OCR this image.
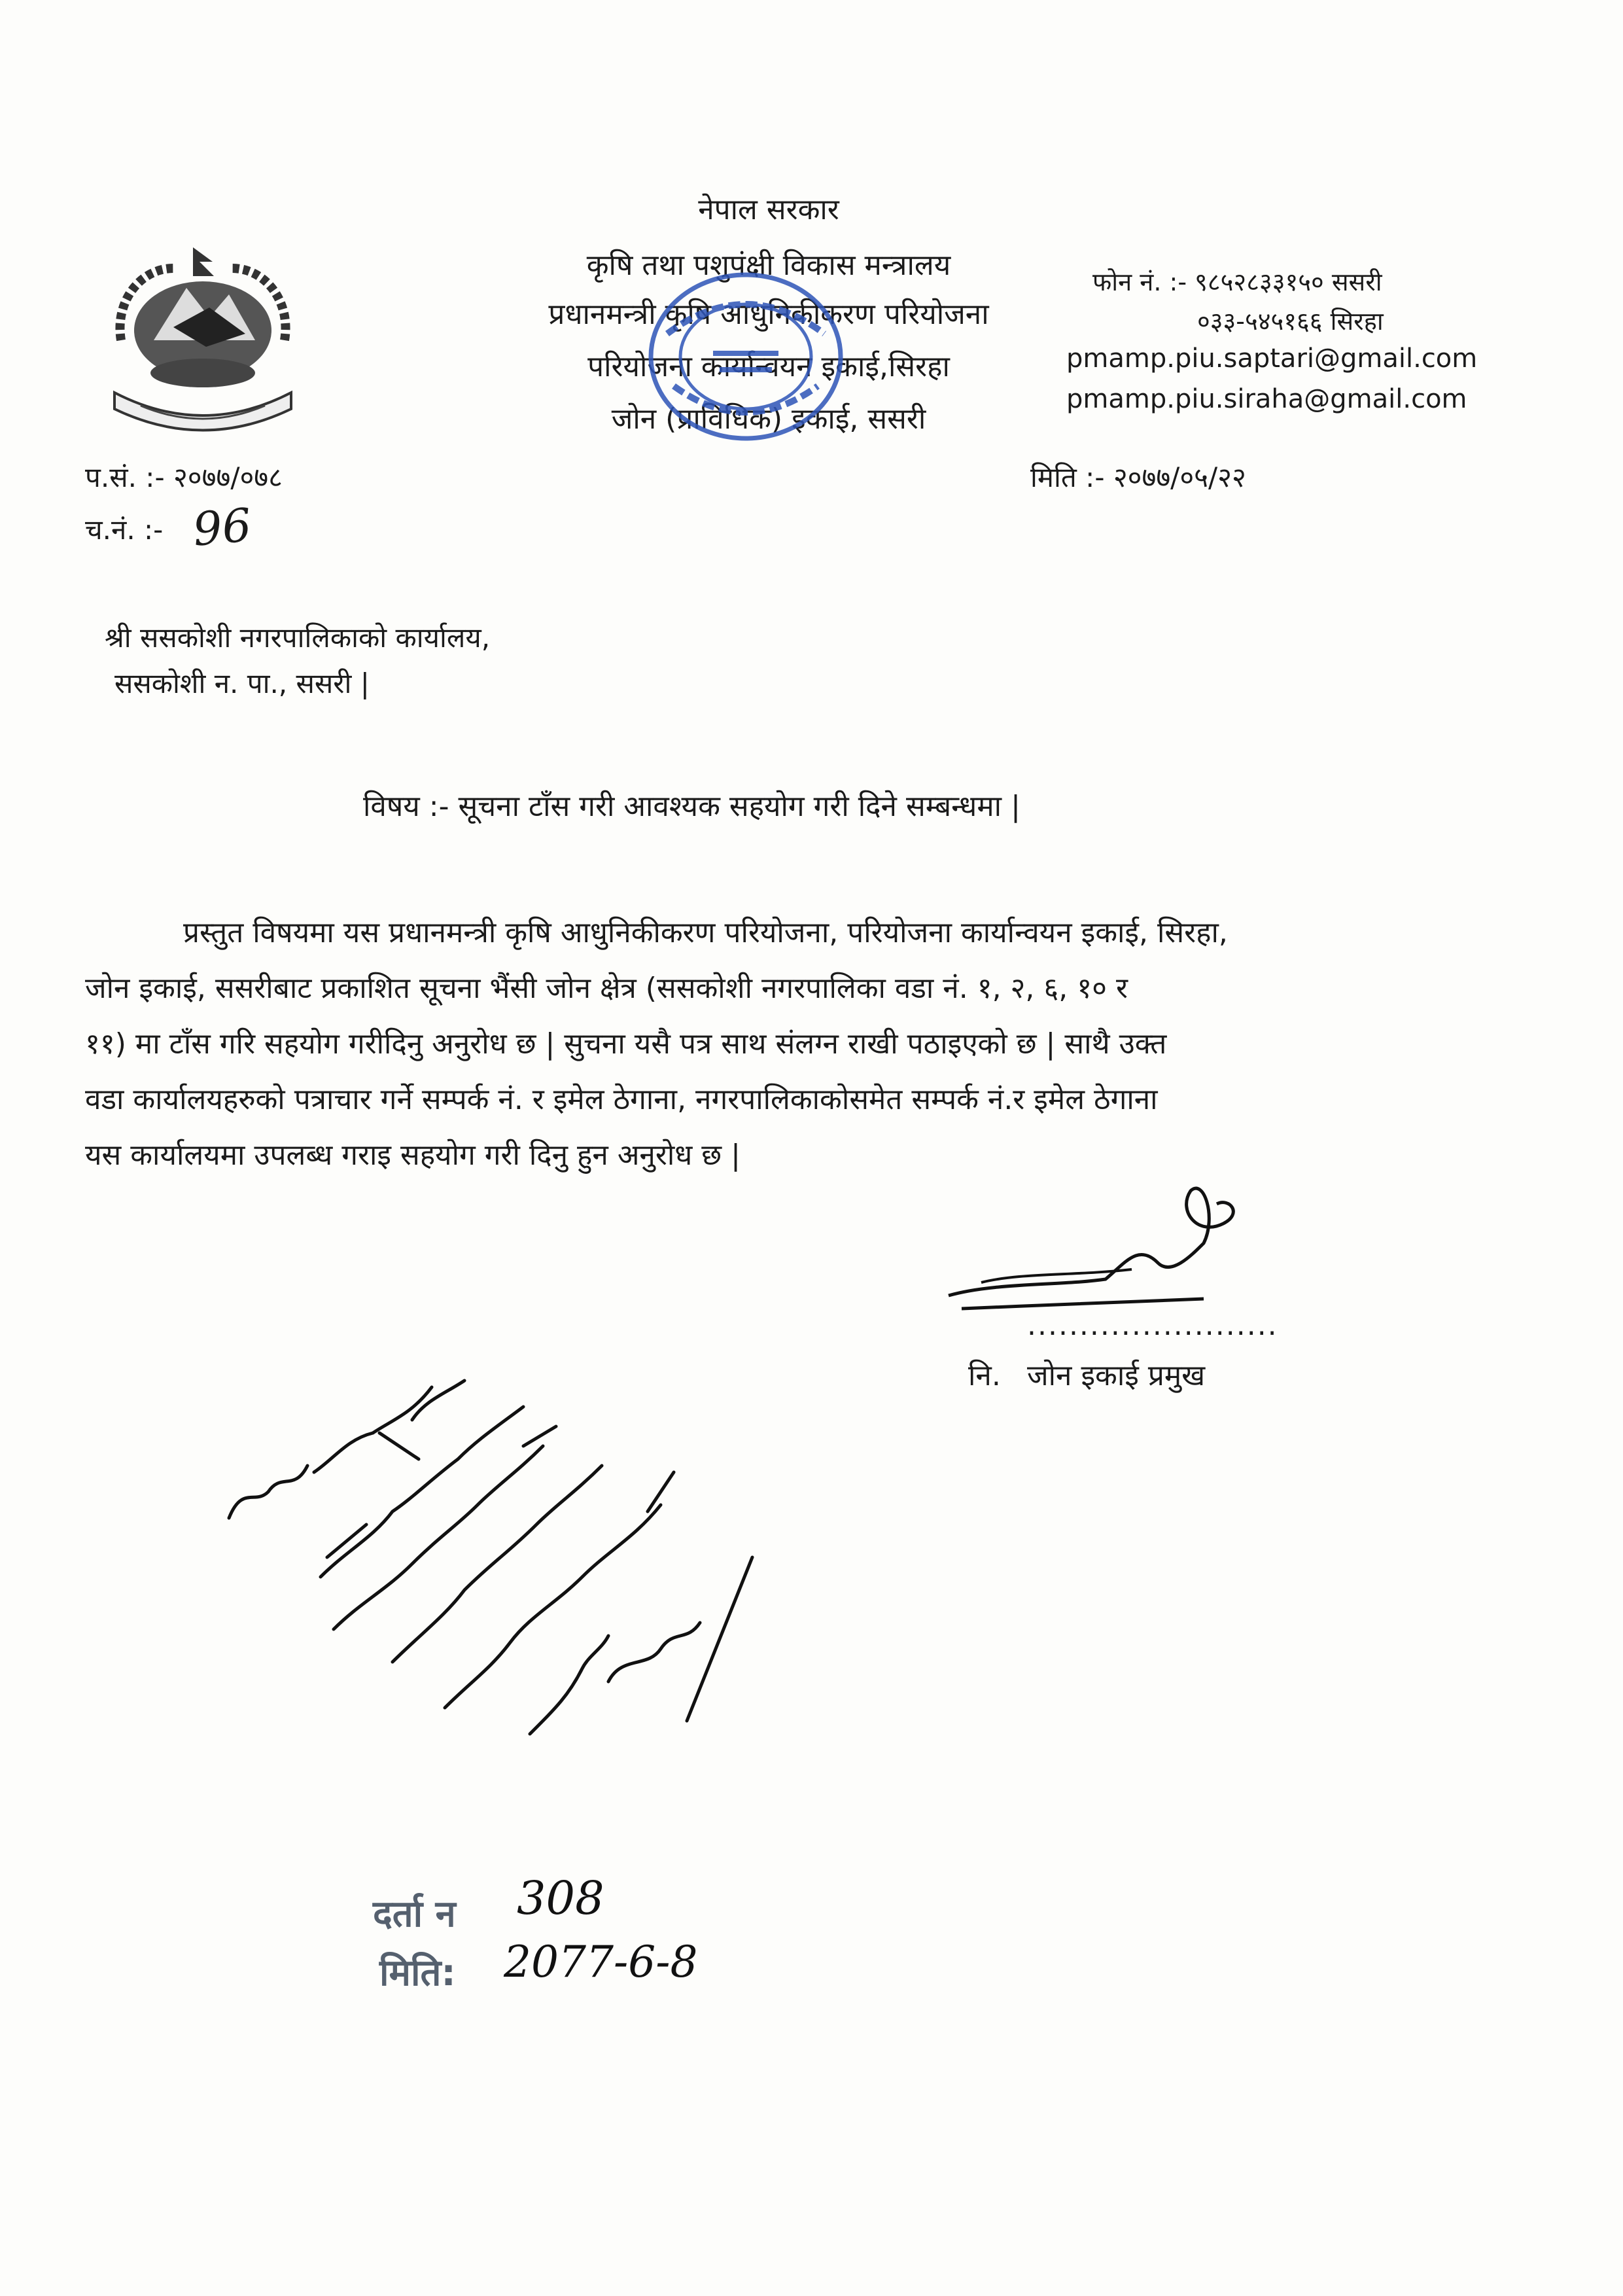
नेपाल सरकार
कृषि तथा पशुपंक्षी विकास मन्त्रालय
प्रधानमन्त्री कृषि आधुनिकीकरण परियोजना
परियोजना कार्यान्वयन इकाई,सिरहा
जोन (प्राविधिक) इकाई, ससरी
फोन नं. :- ९८५२८३३१५० ससरी
०३३-५४५१६६ सिरहा
pmamp.piu.saptari@gmail.com
pmamp.piu.siraha@gmail.com
प.सं. :- २०७७/०७८
च.नं. :- 96
मिति :- २०७७/०५/२२
श्री ससकोशी नगरपालिकाको कार्यालय,
ससकोशी न. पा., ससरी |
विषय :- सूचना टाँस गरी आवश्यक सहयोग गरी दिने सम्बन्धमा |
प्रस्तुत विषयमा यस प्रधानमन्त्री कृषि आधुनिकीकरण परियोजना, परियोजना कार्यान्वयन इकाई, सिरहा,
जोन इकाई, ससरीबाट प्रकाशित सूचना भैंसी जोन क्षेत्र (ससकोशी नगरपालिका वडा नं. १, २, ६, १० र
११) मा टाँस गरि सहयोग गरीदिनु अनुरोध छ | सुचना यसै पत्र साथ संलग्न राखी पठाइएको छ | साथै उक्त
वडा कार्यालयहरुको पत्राचार गर्ने सम्पर्क नं. र इमेल ठेगाना, नगरपालिकाकोसमेत सम्पर्क नं.र इमेल ठेगाना
यस कार्यालयमा उपलब्ध गराइ सहयोग गरी दिनु हुन अनुरोध छ |
........................
नि. जोन इकाई प्रमुख
दर्ता न 308
मिति: 2077-6-8
